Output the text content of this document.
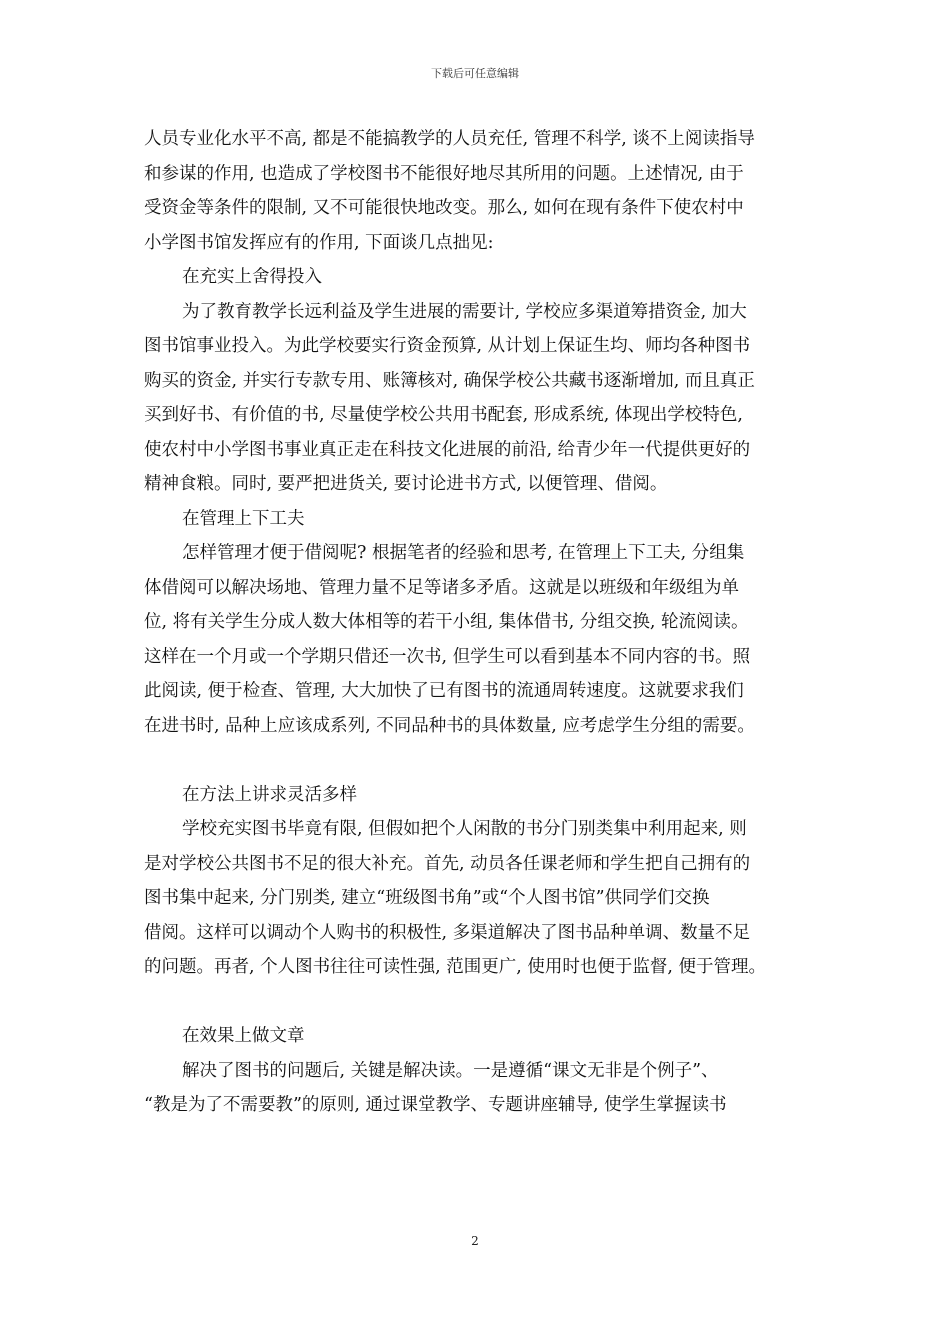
下载后可任意编辑
人员专业化水平不高, 都是不能搞教学的人员充任, 管理不科学, 谈不上阅读指导
和参谋的作用, 也造成了学校图书不能很好地尽其所用的问题。上述情况, 由于
受资金等条件的限制, 又不可能很快地改变。那么, 如何在现有条件下使农村中
小学图书馆发挥应有的作用, 下面谈几点拙见:
在充实上舍得投入
为了教育教学长远利益及学生进展的需要计, 学校应多渠道筹措资金, 加大
图书馆事业投入。为此学校要实行资金预算, 从计划上保证生均、师均各种图书
购买的资金, 并实行专款专用、账簿核对, 确保学校公共藏书逐渐增加, 而且真正
买到好书、有价值的书, 尽量使学校公共用书配套, 形成系统, 体现出学校特色,
使农村中小学图书事业真正走在科技文化进展的前沿, 给青少年一代提供更好的
精神食粮。同时, 要严把进货关, 要讨论进书方式, 以便管理、借阅。
在管理上下工夫
怎样管理才便于借阅呢? 根据笔者的经验和思考, 在管理上下工夫, 分组集
体借阅可以解决场地、管理力量不足等诸多矛盾。这就是以班级和年级组为单
位, 将有关学生分成人数大体相等的若干小组, 集体借书, 分组交换, 轮流阅读。
这样在一个月或一个学期只借还一次书, 但学生可以看到基本不同内容的书。照
此阅读, 便于检查、管理, 大大加快了已有图书的流通周转速度。这就要求我们
在进书时, 品种上应该成系列, 不同品种书的具体数量, 应考虑学生分组的需要。
在方法上讲求灵活多样
学校充实图书毕竟有限, 但假如把个人闲散的书分门别类集中利用起来, 则
是对学校公共图书不足的很大补充。首先, 动员各任课老师和学生把自己拥有的
图书集中起来, 分门别类, 建立“班级图书角”或“个人图书馆”供同学们交换
借阅。这样可以调动个人购书的积极性, 多渠道解决了图书品种单调、数量不足
的问题。再者, 个人图书往往可读性强, 范围更广, 使用时也便于监督, 便于管理。
在效果上做文章
解决了图书的问题后, 关键是解决读。一是遵循“课文无非是个例子”、
“教是为了不需要教”的原则, 通过课堂教学、专题讲座辅导, 使学生掌握读书
2
